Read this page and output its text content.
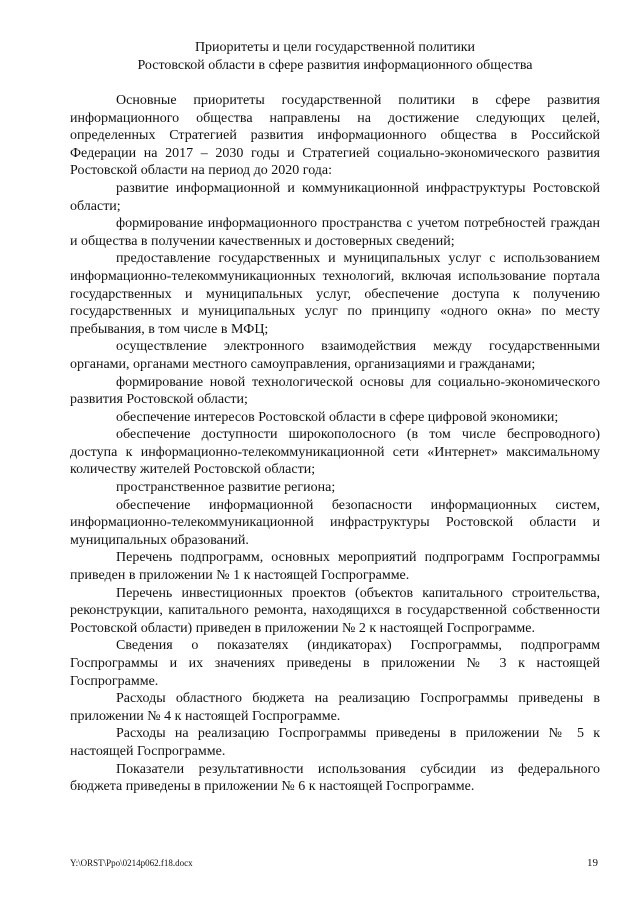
Приоритеты и цели государственной политики
Ростовской области в сфере развития информационного общества

Основные приоритеты государственной политики в сфере развития информационного общества направлены на достижение следующих целей, определенных Стратегией развития информационного общества в Российской Федерации на 2017 – 2030 годы и Стратегией социально-экономического развития Ростовской области на период до 2020 года:

развитие информационной и коммуникационной инфраструктуры Ростовской области;

формирование информационного пространства с учетом потребностей граждан и общества в получении качественных и достоверных сведений;

предоставление государственных и муниципальных услуг с использованием информационно-телекоммуникационных технологий, включая использование портала государственных и муниципальных услуг, обеспечение доступа к получению государственных и муниципальных услуг по принципу «одного окна» по месту пребывания, в том числе в МФЦ;

осуществление электронного взаимодействия между государственными органами, органами местного самоуправления, организациями и гражданами;

формирование новой технологической основы для социально-экономического развития Ростовской области;

обеспечение интересов Ростовской области в сфере цифровой экономики;

обеспечение доступности широкополосного (в том числе беспроводного) доступа к информационно-телекоммуникационной сети «Интернет» максимальному количеству жителей Ростовской области;

пространственное развитие региона;

обеспечение информационной безопасности информационных систем, информационно-телекоммуникационной инфраструктуры Ростовской области и муниципальных образований.

Перечень подпрограмм, основных мероприятий подпрограмм Госпрограммы приведен в приложении № 1 к настоящей Госпрограмме.

Перечень инвестиционных проектов (объектов капитального строительства, реконструкции, капитального ремонта, находящихся в государственной собственности Ростовской области) приведен в приложении № 2 к настоящей Госпрограмме.

Сведения о показателях (индикаторах) Госпрограммы, подпрограмм Госпрограммы и их значениях приведены в приложении № 3 к настоящей Госпрограмме.

Расходы областного бюджета на реализацию Госпрограммы приведены в приложении № 4 к настоящей Госпрограмме.

Расходы на реализацию Госпрограммы приведены в приложении № 5 к настоящей Госпрограмме.

Показатели результативности использования субсидии из федерального бюджета приведены в приложении № 6 к настоящей Госпрограмме.

Y:\ORST\Ppo\0214p062.f18.docx	19
